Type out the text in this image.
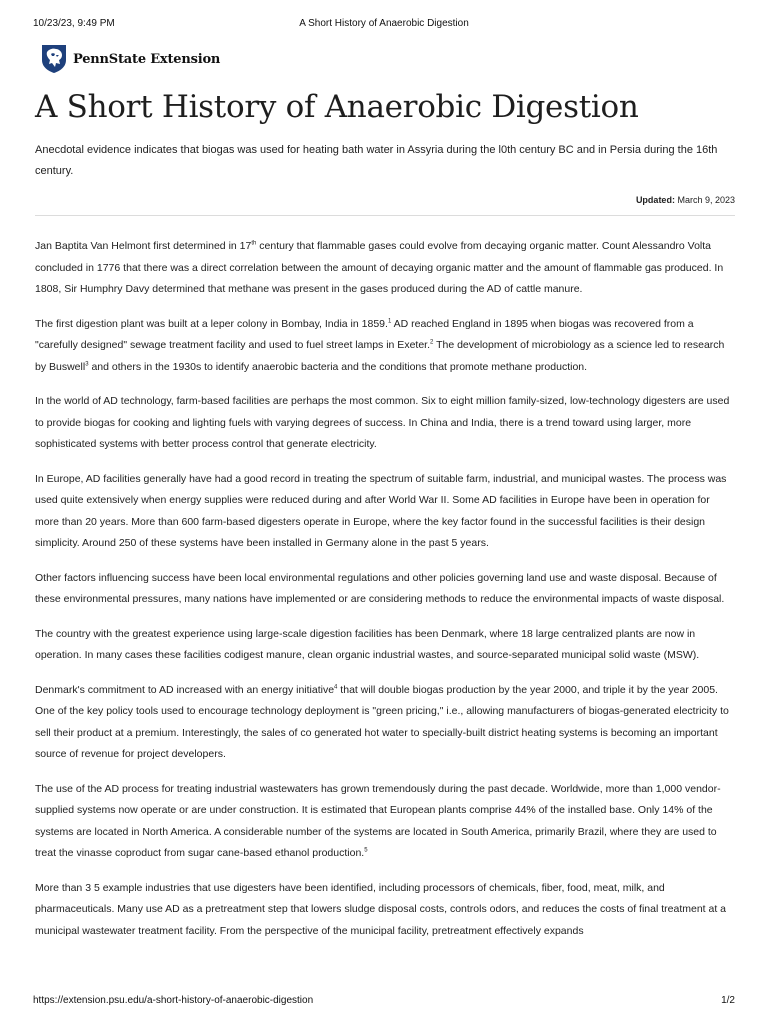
10/23/23, 9:49 PM	A Short History of Anaerobic Digestion
PennState Extension
A Short History of Anaerobic Digestion

Anecdotal evidence indicates that biogas was used for heating bath water in Assyria during the l0th century BC and in Persia during the 16th century.

Updated: March 9, 2023

Jan Baptita Van Helmont first determined in 17th century that flammable gases could evolve from decaying organic matter. Count Alessandro Volta concluded in 1776 that there was a direct correlation between the amount of decaying organic matter and the amount of flammable gas produced. In 1808, Sir Humphry Davy determined that methane was present in the gases produced during the AD of cattle manure.

The first digestion plant was built at a leper colony in Bombay, India in 1859.$^1$ AD reached England in 1895 when biogas was recovered from a "carefully designed" sewage treatment facility and used to fuel street lamps in Exeter.$^2$ The development of microbiology as a science led to research by Buswell$^3$ and others in the 1930s to identify anaerobic bacteria and the conditions that promote methane production.

In the world of AD technology, farm-based facilities are perhaps the most common. Six to eight million family-sized, low-technology digesters are used to provide biogas for cooking and lighting fuels with varying degrees of success. In China and India, there is a trend toward using larger, more sophisticated systems with better process control that generate electricity.

In Europe, AD facilities generally have had a good record in treating the spectrum of suitable farm, industrial, and municipal wastes. The process was used quite extensively when energy supplies were reduced during and after World War II. Some AD facilities in Europe have been in operation for more than 20 years. More than 600 farm-based digesters operate in Europe, where the key factor found in the successful facilities is their design simplicity. Around 250 of these systems have been installed in Germany alone in the past 5 years.

Other factors influencing success have been local environmental regulations and other policies governing land use and waste disposal. Because of these environmental pressures, many nations have implemented or are considering methods to reduce the environmental impacts of waste disposal.

The country with the greatest experience using large-scale digestion facilities has been Denmark, where 18 large centralized plants are now in operation. In many cases these facilities codigest manure, clean organic industrial wastes, and source-separated municipal solid waste (MSW).

Denmark's commitment to AD increased with an energy initiative$^4$ that will double biogas production by the year 2000, and triple it by the year 2005. One of the key policy tools used to encourage technology deployment is "green pricing," i.e., allowing manufacturers of biogas-generated electricity to sell their product at a premium. Interestingly, the sales of co generated hot water to specially-built district heating systems is becoming an important source of revenue for project developers.

The use of the AD process for treating industrial wastewaters has grown tremendously during the past decade. Worldwide, more than 1,000 vendor-supplied systems now operate or are under construction. It is estimated that European plants comprise 44% of the installed base. Only 14% of the systems are located in North America. A considerable number of the systems are located in South America, primarily Brazil, where they are used to treat the vinasse coproduct from sugar cane-based ethanol production.$^5$

More than 3 5 example industries that use digesters have been identified, including processors of chemicals, fiber, food, meat, milk, and pharmaceuticals. Many use AD as a pretreatment step that lowers sludge disposal costs, controls odors, and reduces the costs of final treatment at a municipal wastewater treatment facility. From the perspective of the municipal facility, pretreatment effectively expands

https://extension.psu.edu/a-short-history-of-anaerobic-digestion	1/2
